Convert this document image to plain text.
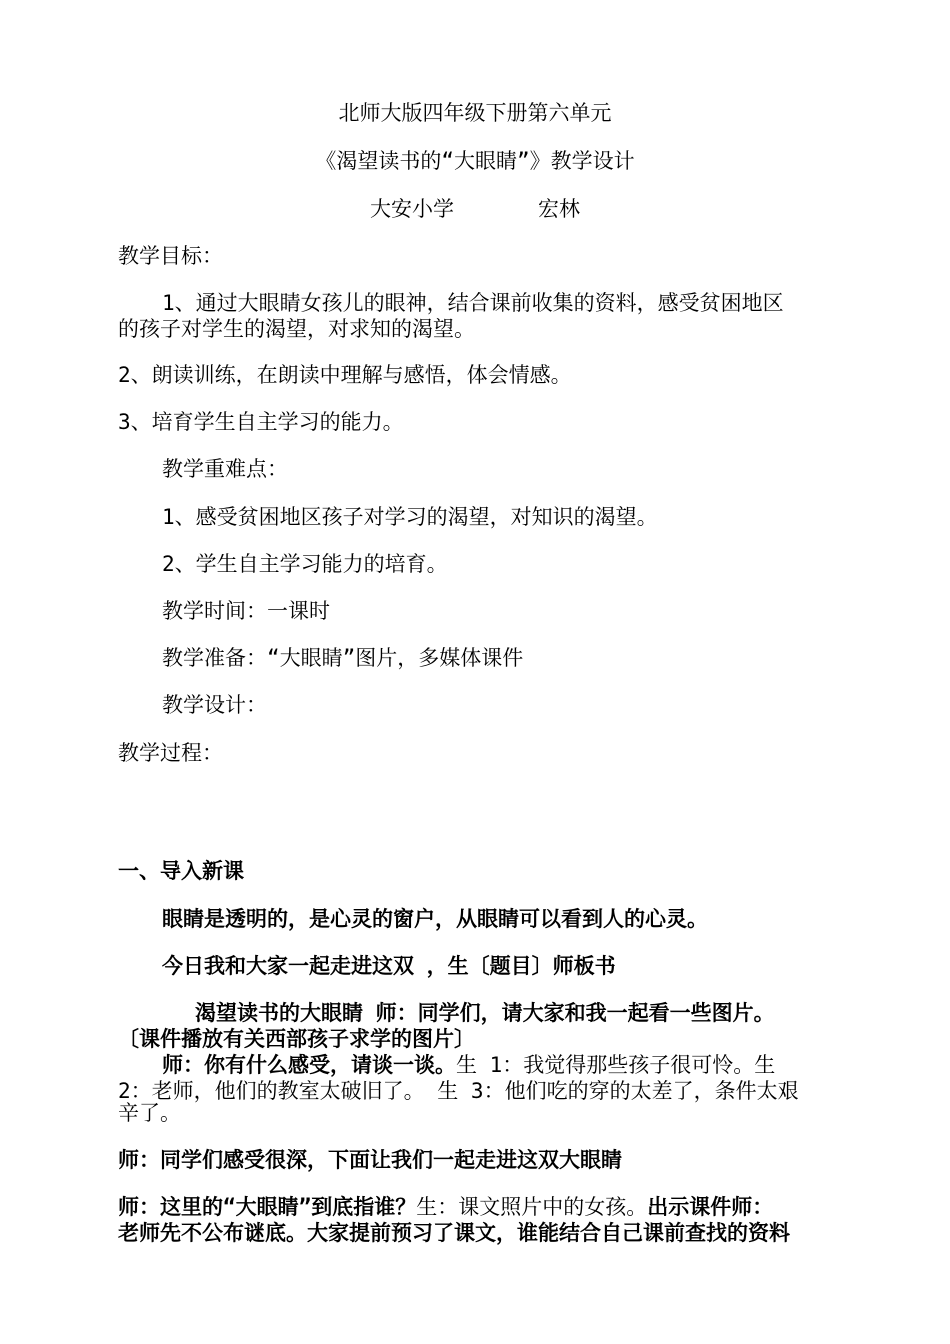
北师大版四年级下册第六单元
《渴望读书的“大眼睛”》教学设计
大安小学	宏林
教学目标：
1、通过大眼睛女孩儿的眼神，结合课前收集的资料，感受贫困地区
的孩子对学生的渴望，对求知的渴望。
2、朗读训练，在朗读中理解与感悟，体会情感。
3、培育学生自主学习的能力。
教学重难点：
1、感受贫困地区孩子对学习的渴望，对知识的渴望。
2、学生自主学习能力的培育。
教学时间：一课时
教学准备：“大眼睛”图片，多媒体课件
教学设计：
教学过程：
一、导入新课
眼睛是透明的，是心灵的窗户，从眼睛可以看到人的心灵。
今日我和大家一起走进这双 ，生〔题目〕师板书
渴望读书的大眼睛 师：同学们，请大家和我一起看一些图片。
〔课件播放有关西部孩子求学的图片〕
师：你有什么感受，请谈一谈。生 1：我觉得那些孩子很可怜。生
2：老师，他们的教室太破旧了。 生 3：他们吃的穿的太差了，条件太艰
辛了。
师：同学们感受很深，下面让我们一起走进这双大眼睛
师：这里的“大眼睛”到底指谁？生：课文照片中的女孩。出示课件师：
老师先不公布谜底。大家提前预习了课文，谁能结合自己课前查找的资料
